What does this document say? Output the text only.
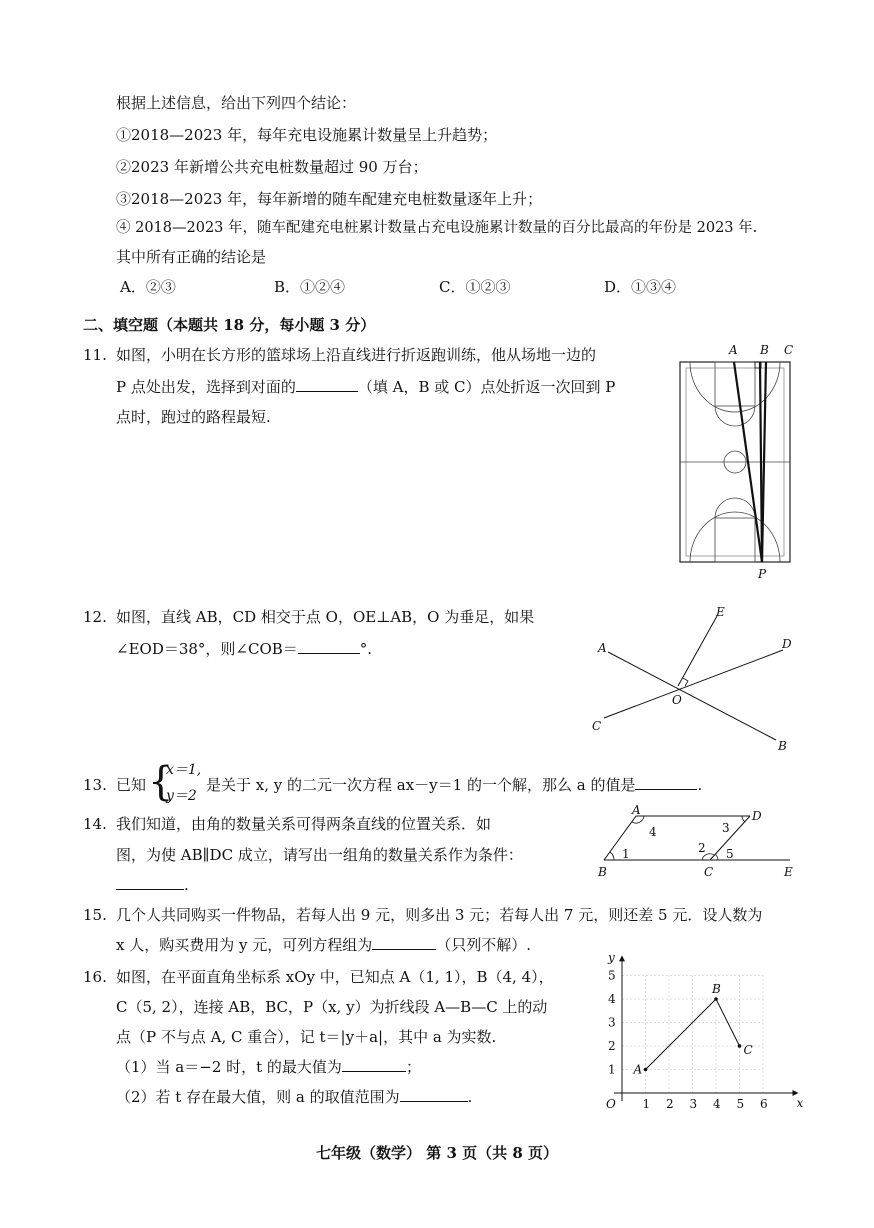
根据上述信息，给出下列四个结论：
①2018—2023 年，每年充电设施累计数量呈上升趋势；
②2023 年新增公共充电桩数量超过 90 万台；
③2018—2023 年，每年新增的随车配建充电桩数量逐年上升；
④ 2018—2023 年，随车配建充电桩累计数量占充电设施累计数量的百分比最高的年份是 2023 年.
其中所有正确的结论是
A．②③	B．①②④	C．①②③	D．①③④
二、填空题（本题共 18 分，每小题 3 分）
11. 如图，小明在长方形的篮球场上沿直线进行折返跑训练，他从场地一边的
P 点处出发，选择到对面的	（填 A，B 或 C）点处折返一次回到 P
点时，跑过的路程最短.
A B C
P
12. 如图，直线 AB，CD 相交于点 O，OE⊥AB，O 为垂足，如果
∠EOD＝38°，则∠COB＝	°.	A
B
C
D
E
O
13. 已知 {
x＝1,
y＝2
是关于 x, y 的二元一次方程 ax－y＝1 的一个解，那么 a 的值是	.
14. 我们知道，由角的数量关系可得两条直线的位置关系．如
图，为使 AB∥DC 成立，请写出一组角的数量关系作为条件：
.
A
B	C
D
E
1	2
3
4
5
15. 几个人共同购买一件物品，若每人出 9 元，则多出 3 元；若每人出 7 元，则还差 5 元．设人数为
x 人，购买费用为 y 元，可列方程组为	（只列不解）.
16. 如图，在平面直角坐标系 xOy 中，已知点 A（1, 1），B（4, 4），
C（5, 2），连接 AB，BC，P（x, y）为折线段 A—B—C 上的动
点（P 不与点 A, C 重合），记 t＝|y＋a|，其中 a 为实数.
（1）当 a＝−2 时，t 的最大值为	；
（2）若 t 存在最大值，则 a 的取值范围为	.	1 2 3 4 5 6
1
2
3
4
5
A
B
C
x
y
O
七年级（数学） 第 3 页（共 8 页）
